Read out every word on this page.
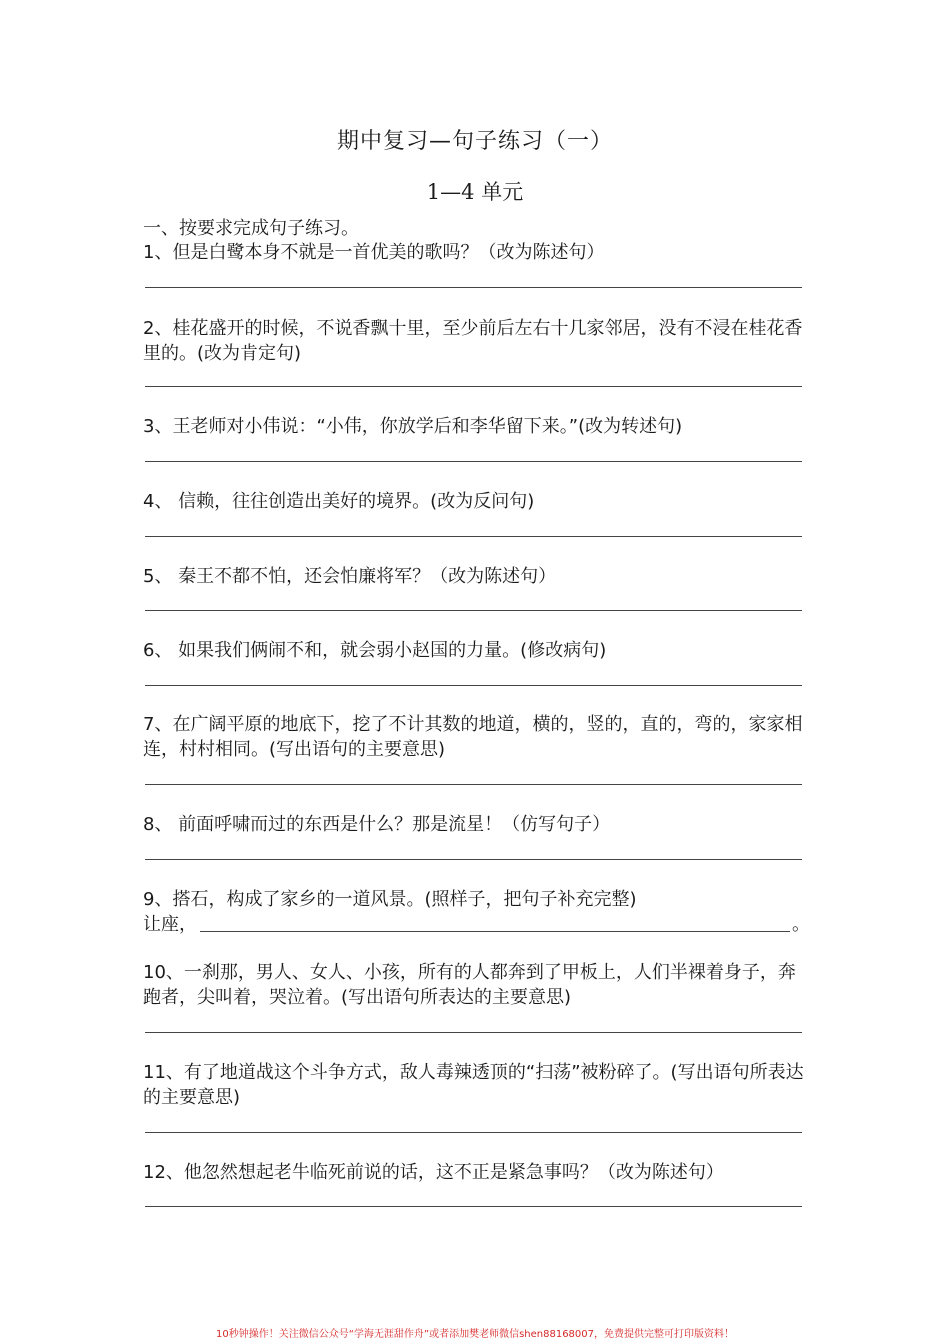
期中复习—句子练习（一）
1—4 单元
一、按要求完成句子练习。
1、但是白鹭本身不就是一首优美的歌吗？（改为陈述句）
2、桂花盛开的时候，不说香飘十里，至少前后左右十几家邻居，没有不浸在桂花香里的。(改为肯定句)
3、王老师对小伟说：“小伟，你放学后和李华留下来。”(改为转述句)
4、 信赖，往往创造出美好的境界。(改为反问句)
5、 秦王不都不怕，还会怕廉将军？（改为陈述句）
6、 如果我们俩闹不和，就会弱小赵国的力量。(修改病句)
7、在广阔平原的地底下，挖了不计其数的地道，横的，竖的，直的，弯的，家家相连，村村相同。(写出语句的主要意思)
8、 前面呼啸而过的东西是什么？那是流星！（仿写句子）
9、搭石，构成了家乡的一道风景。(照样子，把句子补充完整)
让座，	。
10、一刹那，男人、女人、小孩，所有的人都奔到了甲板上，人们半裸着身子，奔跑者，尖叫着，哭泣着。(写出语句所表达的主要意思)
11、有了地道战这个斗争方式，敌人毒辣透顶的“扫荡”被粉碎了。(写出语句所表达的主要意思)
12、他忽然想起老牛临死前说的话，这不正是紧急事吗？（改为陈述句）
10秒钟操作！关注微信公众号“学海无涯甜作舟”或者添加樊老师微信shen88168007，免费提供完整可打印版资料！
